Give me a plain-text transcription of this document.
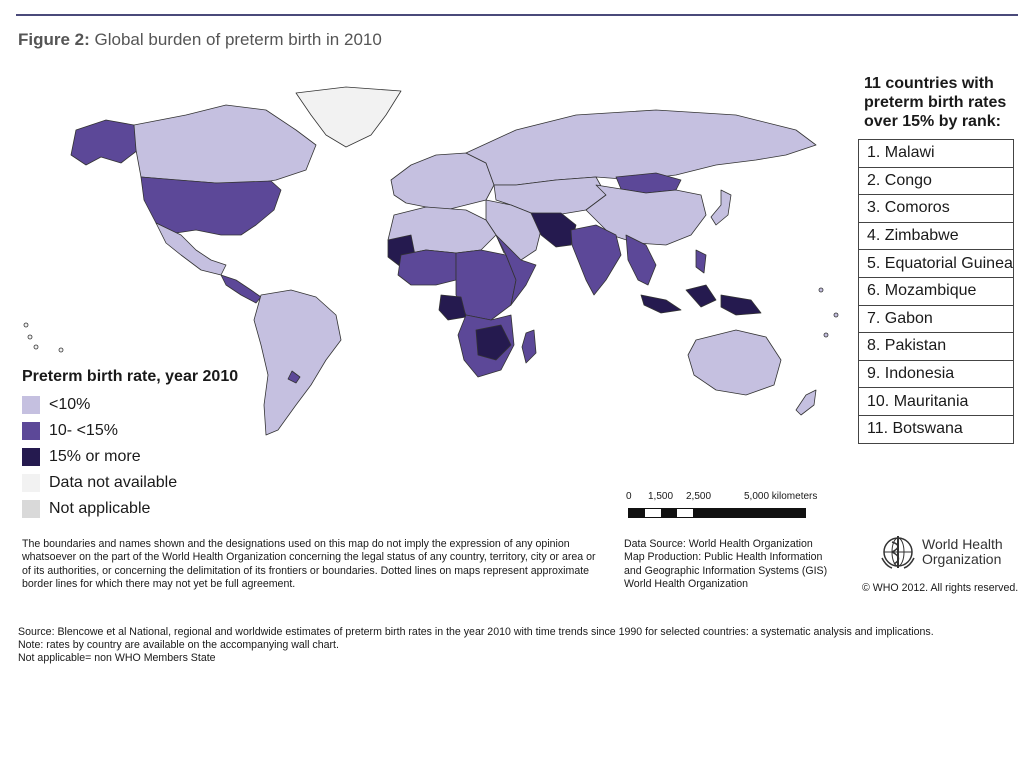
Figure 2: Global burden of preterm birth in 2010
11 countries with
preterm birth rates
over 15% by rank:
1. Malawi
2. Congo
3. Comoros
4. Zimbabwe
5. Equatorial Guinea
6. Mozambique
7. Gabon
8. Pakistan
9. Indonesia
10. Mauritania
11. Botswana
Preterm birth rate, year 2010
<10%
10- <15%
15% or more
Data not available
Not applicable
0 1,500 2,500	5,000 kilometers
The boundaries and names shown and the designations used on this map do not imply the expression of any opinion whatsoever on the part of the World Health Organization concerning the legal status of any country, territory, city or area or of its authorities, or concerning the delimitation of its frontiers or boundaries. Dotted lines on maps represent approximate border lines for which there may not yet be full agreement.
Data Source: World Health Organization
Map Production: Public Health Information
and Geographic Information Systems (GIS)
World Health Organization
World Health
Organization
© WHO 2012. All rights reserved.
Source: Blencowe et al National, regional and worldwide estimates of preterm birth rates in the year 2010 with time trends since 1990 for selected countries: a systematic analysis and implications.
Note: rates by country are available on the accompanying wall chart.
Not applicable= non WHO Members State
